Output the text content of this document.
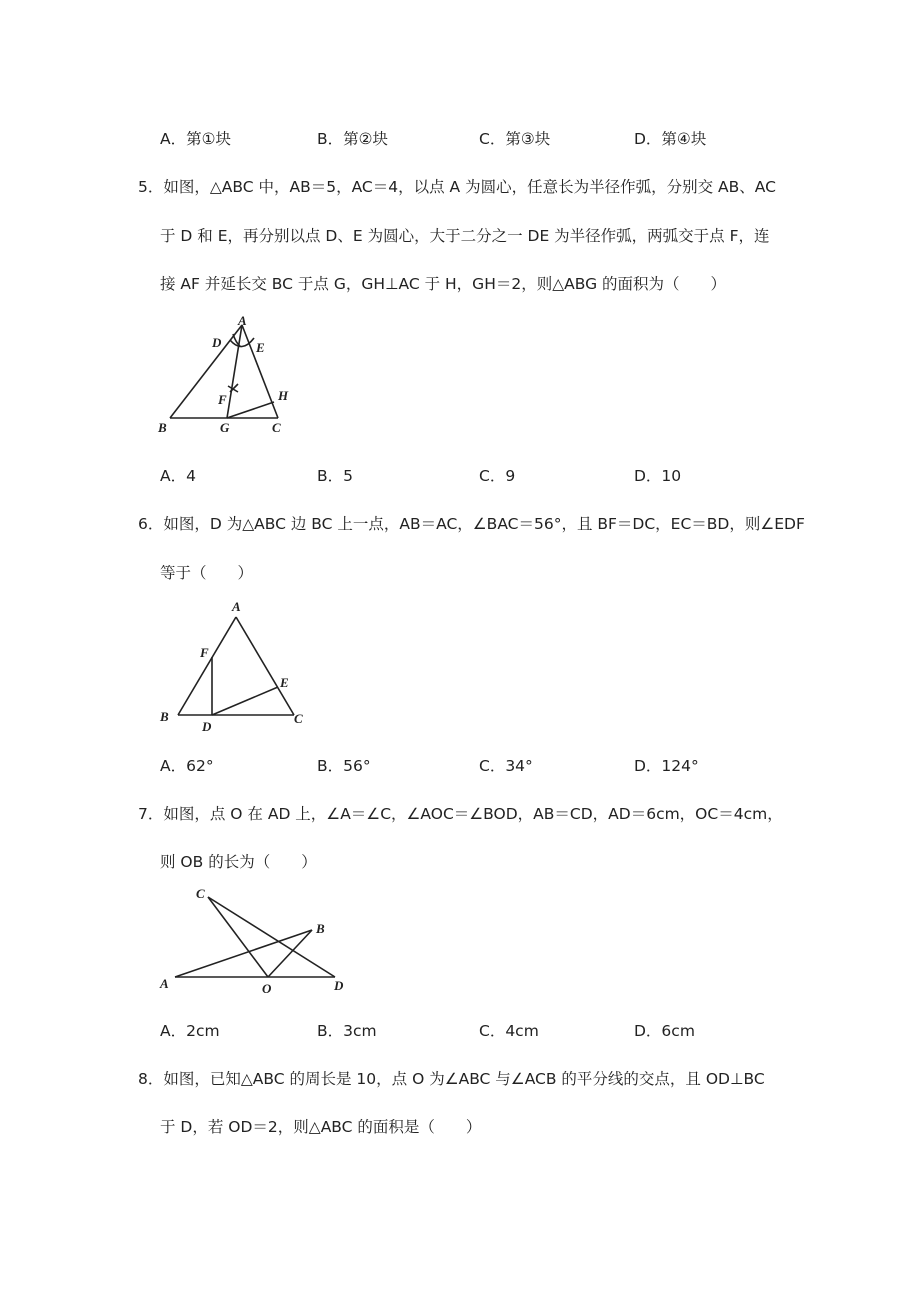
A．第①块	B．第②块	C．第③块	D．第④块
5．如图，△ABC 中，AB＝5，AC＝4，以点 A 为圆心，任意长为半径作弧，分别交 AB、AC
于 D 和 E，再分别以点 D、E 为圆心，大于二分之一 DE 为半径作弧，两弧交于点 F，连
接 AF 并延长交 BC 于点 G，GH⊥AC 于 H，GH＝2，则△ABG 的面积为（　　）
A
D	E
F	H
B	G	C
A．4	B．5	C．9	D．10
6．如图，D 为△ABC 边 BC 上一点，AB＝AC，∠BAC＝56°，且 BF＝DC，EC＝BD，则∠EDF
等于（　　）
A
F
E
B
D
C
A．62°	B．56°	C．34°	D．124°
7．如图，点 O 在 AD 上，∠A＝∠C，∠AOC＝∠BOD，AB＝CD，AD＝6cm，OC＝4cm，
则 OB 的长为（　　）
C
B
A	O	D
A．2cm	B．3cm	C．4cm	D．6cm
8．如图，已知△ABC 的周长是 10，点 O 为∠ABC 与∠ACB 的平分线的交点，且 OD⊥BC
于 D，若 OD＝2，则△ABC 的面积是（　　）
